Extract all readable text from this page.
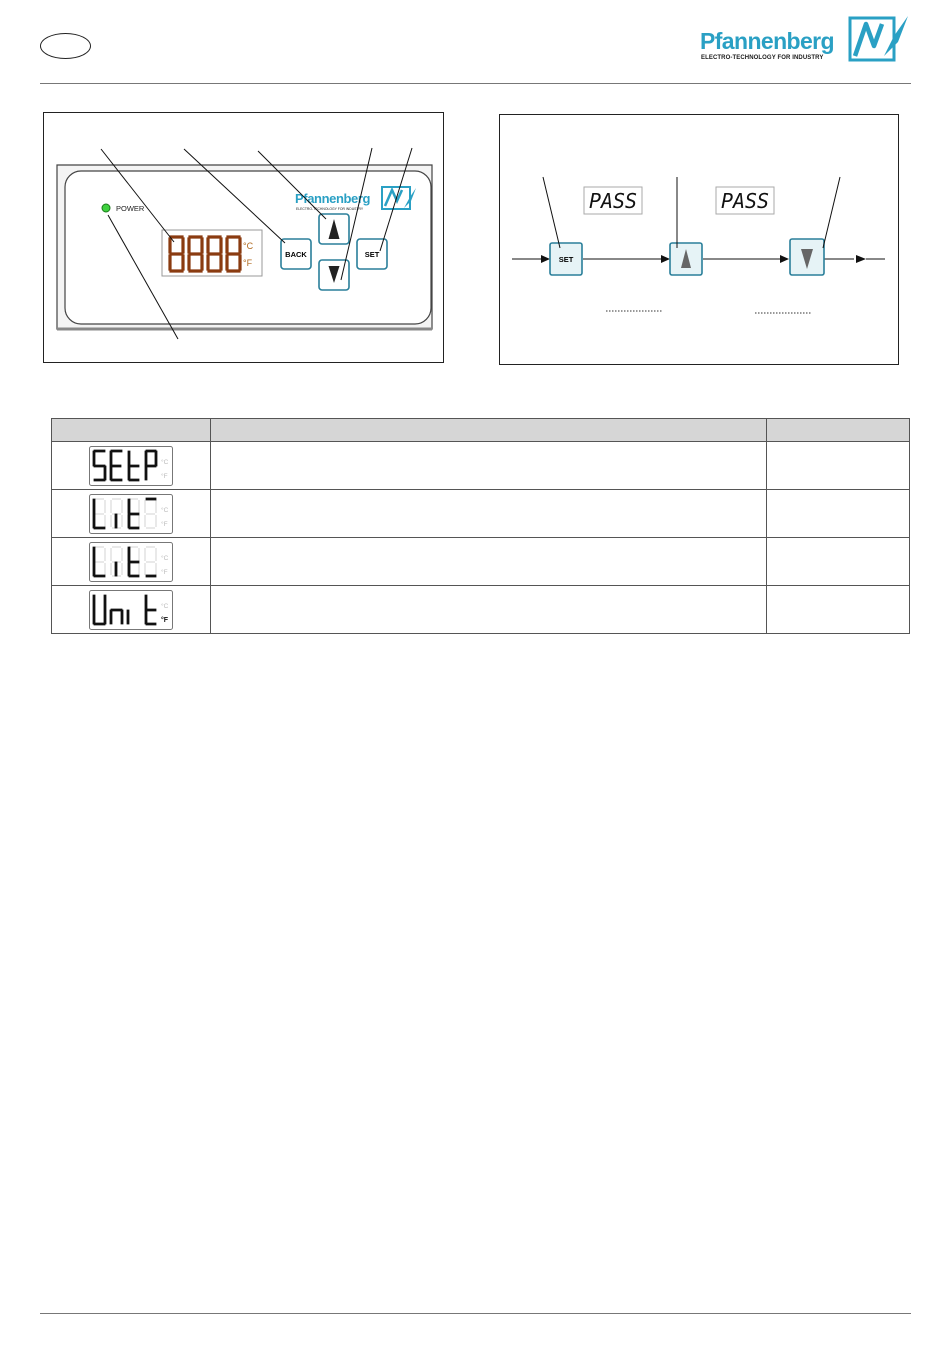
Pfannenberg
ELECTRO-TECHNOLOGY FOR INDUSTRY
POWER
°C
°F
Pfannenberg
ELECTRO-TECHNOLOGY FOR INDUSTRY
BACK	SET
PASS	PASS
SET

°C
°F		

°C
°F		

°C
°F		

°C
°F		
